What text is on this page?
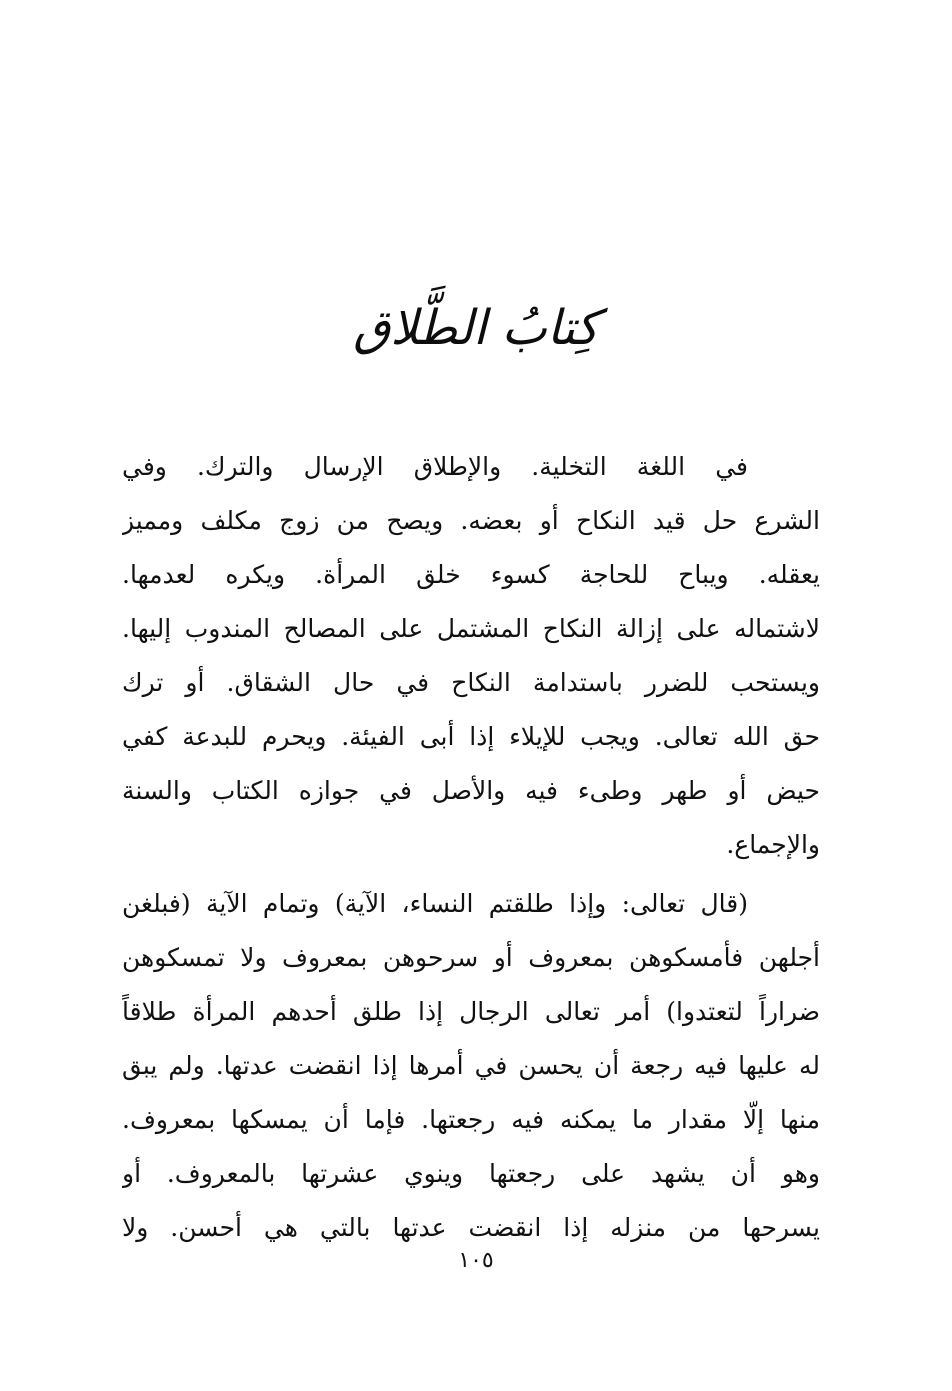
كِتابُ الطَّلاق
في اللغة التخلية. والإطلاق الإرسال والترك. وفي
الشرع حل قيد النكاح أو بعضه. ويصح من زوج مكلف ومميز
يعقله. ويباح للحاجة كسوء خلق المرأة. ويكره لعدمها.
لاشتماله على إزالة النكاح المشتمل على المصالح المندوب إليها.
ويستحب للضرر باستدامة النكاح في حال الشقاق. أو ترك
حق الله تعالى. ويجب للإيلاء إذا أبى الفيئة. ويحرم للبدعة كفي
حيض أو طهر وطىء فيه والأصل في جوازه الكتاب والسنة
والإجماع.
(قال تعالى: وإذا طلقتم النساء، الآية) وتمام الآية (فبلغن
أجلهن فأمسكوهن بمعروف أو سرحوهن بمعروف ولا تمسكوهن
ضراراً لتعتدوا) أمر تعالى الرجال إذا طلق أحدهم المرأة طلاقاً
له عليها فيه رجعة أن يحسن في أمرها إذا انقضت عدتها. ولم يبق
منها إلّا مقدار ما يمكنه فيه رجعتها. فإما أن يمسكها بمعروف.
وهو أن يشهد على رجعتها وينوي عشرتها بالمعروف. أو
يسرحها من منزله إذا انقضت عدتها بالتي هي أحسن. ولا
١٠٥
